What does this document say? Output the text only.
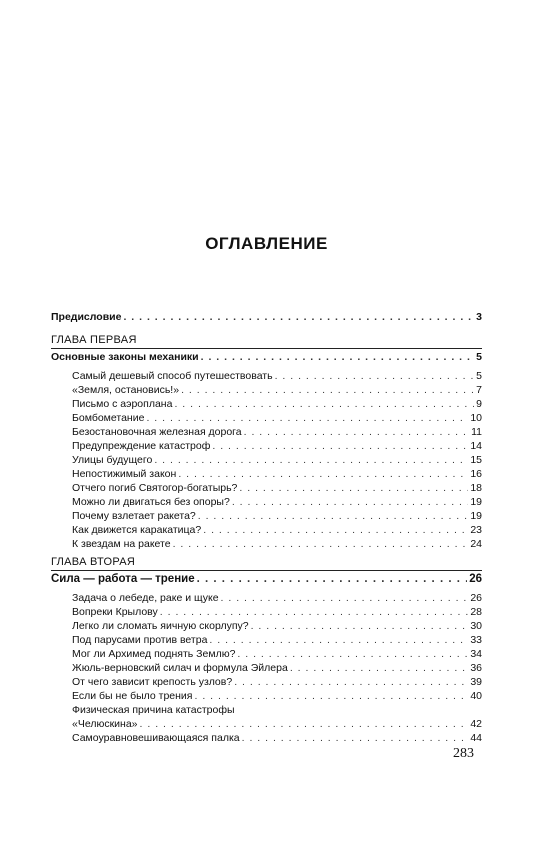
ОГЛАВЛЕНИЕ
Предисловие . . .	3
ГЛАВА ПЕРВАЯ
Основные законы механики . . .	5
Самый дешевый способ путешествовать . . .	5
«Земля, остановись!» . . .	7
Письмо с аэроплана . . .	9
Бомбометание . . .	10
Безостановочная железная дорога . . .	11
Предупреждение катастроф . . .	14
Улицы будущего . . .	15
Непостижимый закон . . .	16
Отчего погиб Святогор-богатырь? . . .	18
Можно ли двигаться без опоры? . . .	19
Почему взлетает ракета? . . .	19
Как движется каракатица? . . .	23
К звездам на ракете . . .	24
ГЛАВА ВТОРАЯ
Сила — работа — трение . . .	26
Задача о лебеде, раке и щуке . . .	26
Вопреки Крылову . . .	28
Легко ли сломать яичную скорлупу? . . .	30
Под парусами против ветра . . .	33
Мог ли Архимед поднять Землю? . . .	34
Жюль-верновский силач и формула Эйлера . . .	36
От чего зависит крепость узлов? . . .	39
Если бы не было трения . . .	40
Физическая причина катастрофы
«Челюскина» . . .	42
Самоуравновешивающаяся палка . . .	44
283
